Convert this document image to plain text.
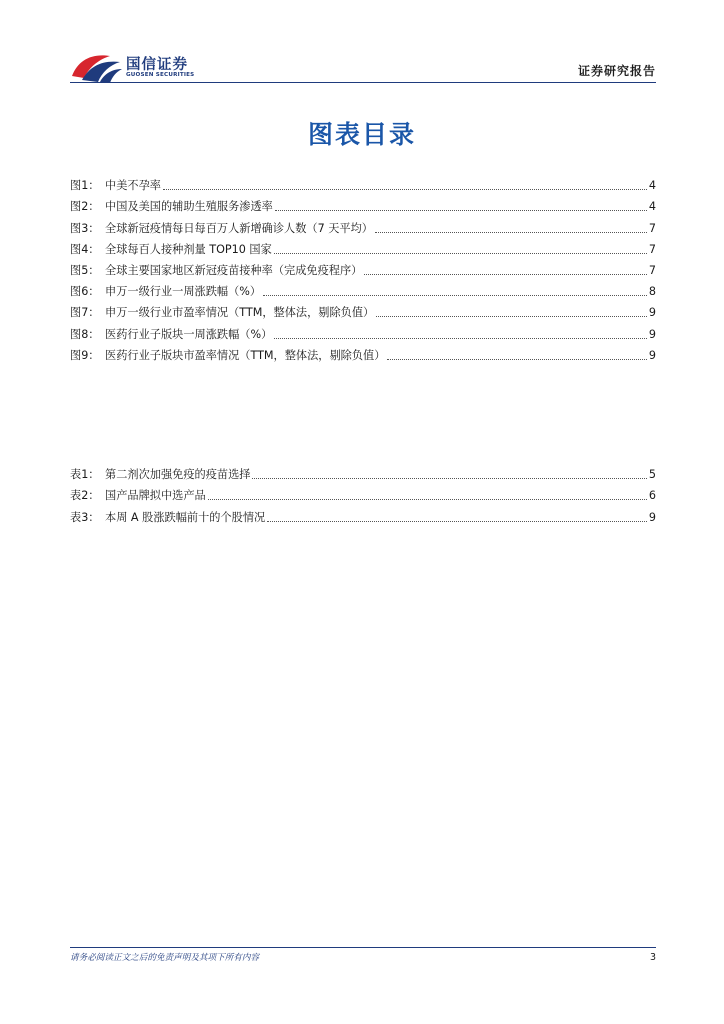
国信证券
GUOSEN SECURITIES	证券研究报告
图表目录
图1： 中美不孕率	4
图2： 中国及美国的辅助生殖服务渗透率	4
图3： 全球新冠疫情每日每百万人新增确诊人数（7 天平均）	7
图4： 全球每百人接种剂量 TOP10 国家	7
图5： 全球主要国家地区新冠疫苗接种率（完成免疫程序）	7
图6： 申万一级行业一周涨跌幅（%）	8
图7： 申万一级行业市盈率情况（TTM，整体法，剔除负值）	9
图8： 医药行业子版块一周涨跌幅（%）	9
图9： 医药行业子版块市盈率情况（TTM，整体法，剔除负值）	9
表1： 第二剂次加强免疫的疫苗选择	5
表2： 国产品牌拟中选产品	6
表3： 本周 A 股涨跌幅前十的个股情况	9
请务必阅读正文之后的免责声明及其项下所有内容	3
